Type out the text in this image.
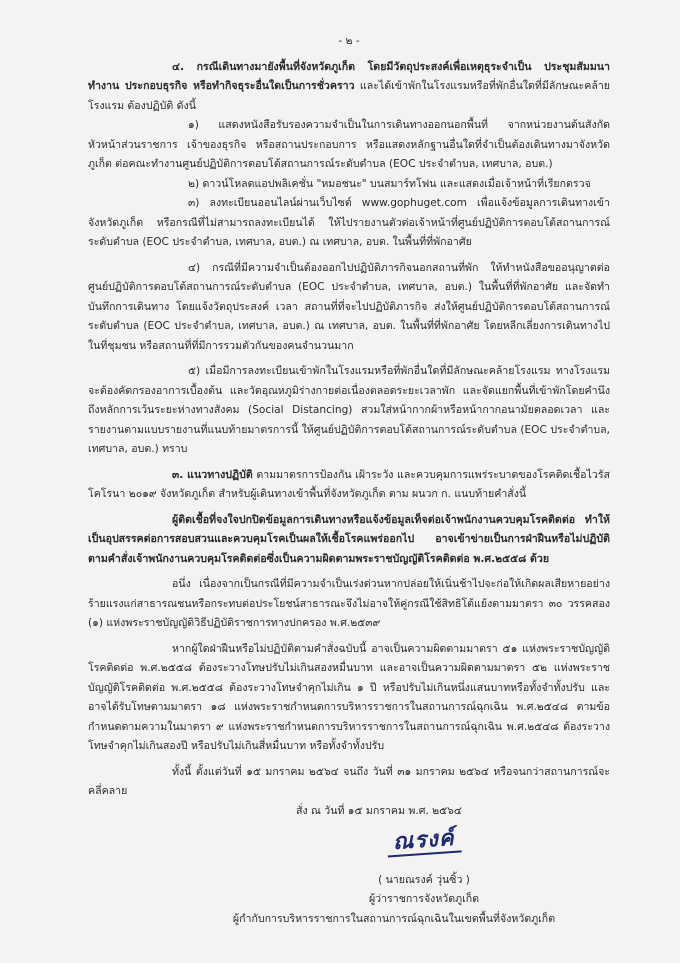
- ๒ -

๔. กรณีเดินทางมายังพื้นที่จังหวัดภูเก็ต โดยมีวัตถุประสงค์เพื่อเหตุธุระจำเป็น ประชุมสัมมนา ทำงาน ประกอบธุรกิจ หรือทำกิจธุระอื่นใดเป็นการชั่วคราว และได้เข้าพักในโรงแรมหรือที่พักอื่นใดที่มีลักษณะคล้ายโรงแรม ต้องปฏิบัติ ดังนี้

๑) แสดงหนังสือรับรองความจำเป็นในการเดินทางออกนอกพื้นที่ จากหน่วยงานต้นสังกัด หัวหน้าส่วนราชการ เจ้าของธุรกิจ หรือสถานประกอบการ หรือแสดงหลักฐานอื่นใดที่จำเป็นต้องเดินทางมาจังหวัดภูเก็ต ต่อคณะทำงานศูนย์ปฏิบัติการตอบโต้สถานการณ์ระดับตำบล (EOC ประจำตำบล, เทศบาล, อบต.)

๒) ดาวน์โหลดแอปพลิเคชั่น "หมอชนะ" บนสมาร์ทโฟน และแสดงเมื่อเจ้าหน้าที่เรียกตรวจ

๓) ลงทะเบียนออนไลน์ผ่านเว็บไซต์ www.gophuget.com เพื่อแจ้งข้อมูลการเดินทางเข้าจังหวัดภูเก็ต หรือกรณีที่ไม่สามารถลงทะเบียนได้ ให้ไปรายงานตัวต่อเจ้าหน้าที่ศูนย์ปฏิบัติการตอบโต้สถานการณ์ระดับตำบล (EOC ประจำตำบล, เทศบาล, อบต.) ณ เทศบาล, อบต. ในพื้นที่ที่พักอาศัย

๔) กรณีที่มีความจำเป็นต้องออกไปปฏิบัติภารกิจนอกสถานที่พัก ให้ทำหนังสือขออนุญาตต่อศูนย์ปฏิบัติการตอบโต้สถานการณ์ระดับตำบล (EOC ประจำตำบล, เทศบาล, อบต.) ในพื้นที่ที่พักอาศัย และจัดทำบันทึกการเดินทาง โดยแจ้งวัตถุประสงค์ เวลา สถานที่ที่จะไปปฏิบัติภารกิจ ส่งให้ศูนย์ปฏิบัติการตอบโต้สถานการณ์ระดับตำบล (EOC ประจำตำบล, เทศบาล, อบต.) ณ เทศบาล, อบต. ในพื้นที่ที่พักอาศัย โดยหลีกเลี่ยงการเดินทางไปในที่ชุมชน หรือสถานที่ที่มีการรวมตัวกันของคนจำนวนมาก

๕) เมื่อมีการลงทะเบียนเข้าพักในโรงแรมหรือที่พักอื่นใดที่มีลักษณะคล้ายโรงแรม ทางโรงแรมจะต้องคัดกรองอาการเบื้องต้น และวัดอุณหภูมิร่างกายต่อเนื่องตลอดระยะเวลาพัก และจัดแยกพื้นที่เข้าพักโดยคำนึงถึงหลักการเว้นระยะห่างทางสังคม (Social Distancing) สวมใส่หน้ากากผ้าหรือหน้ากากอนามัยตลอดเวลา และรายงานตามแบบรายงานที่แนบท้ายมาตรการนี้ ให้ศูนย์ปฏิบัติการตอบโต้สถานการณ์ระดับตำบล (EOC ประจำตำบล, เทศบาล, อบต.) ทราบ

๓. แนวทางปฏิบัติ ตามมาตรการป้องกัน เฝ้าระวัง และควบคุมการแพร่ระบาดของโรคติดเชื้อไวรัสโคโรนา ๒๐๑๙ จังหวัดภูเก็ต สำหรับผู้เดินทางเข้าพื้นที่จังหวัดภูเก็ต ตาม ผนวก ก. แนบท้ายคำสั่งนี้

ผู้ติดเชื้อที่จงใจปกปิดข้อมูลการเดินทางหรือแจ้งข้อมูลเท็จต่อเจ้าพนักงานควบคุมโรคติดต่อ ทำให้เป็นอุปสรรคต่อการสอบสวนและควบคุมโรคเป็นผลให้เชื้อโรคแพร่ออกไป อาจเข้าข่ายเป็นการฝ่าฝืนหรือไม่ปฏิบัติตามคำสั่งเจ้าพนักงานควบคุมโรคติดต่อซึ่งเป็นความผิดตามพระราชบัญญัติโรคติดต่อ พ.ศ.๒๕๕๘ ด้วย

อนึ่ง เนื่องจากเป็นกรณีที่มีความจำเป็นเร่งด่วนหากปล่อยให้เนิ่นช้าไปจะก่อให้เกิดผลเสียหายอย่างร้ายแรงแก่สาธารณชนหรือกระทบต่อประโยชน์สาธารณะจึงไม่อาจให้คู่กรณีใช้สิทธิโต้แย้งตามมาตรา ๓๐ วรรคสอง (๑) แห่งพระราชบัญญัติวิธีปฏิบัติราชการทางปกครอง พ.ศ.๒๕๓๙

หากผู้ใดฝ่าฝืนหรือไม่ปฏิบัติตามคำสั่งฉบับนี้ อาจเป็นความผิดตามมาตรา ๕๑ แห่งพระราชบัญญัติโรคติดต่อ พ.ศ.๒๕๕๘ ต้องระวางโทษปรับไม่เกินสองหมื่นบาท และอาจเป็นความผิดตามมาตรา ๕๒ แห่งพระราชบัญญัติโรคติดต่อ พ.ศ.๒๕๕๘ ต้องระวางโทษจำคุกไม่เกิน ๑ ปี หรือปรับไม่เกินหนึ่งแสนบาทหรือทั้งจำทั้งปรับ และอาจได้รับโทษตามมาตรา ๑๘ แห่งพระราชกำหนดการบริหารราชการในสถานการณ์ฉุกเฉิน พ.ศ.๒๕๔๘ ตามข้อกำหนดตามความในมาตรา ๙ แห่งพระราชกำหนดการบริหารราชการในสถานการณ์ฉุกเฉิน พ.ศ.๒๕๔๘ ต้องระวางโทษจำคุกไม่เกินสองปี หรือปรับไม่เกินสี่หมื่นบาท หรือทั้งจำทั้งปรับ

ทั้งนี้ ตั้งแต่วันที่ ๑๕ มกราคม ๒๕๖๔ จนถึง วันที่ ๓๑ มกราคม ๒๕๖๔ หรือจนกว่าสถานการณ์จะคลี่คลาย

สั่ง ณ วันที่ ๑๕ มกราคม พ.ศ. ๒๕๖๔

ณรงค์
( นายณรงค์ วุ่นซิ้ว )
ผู้ว่าราชการจังหวัดภูเก็ต
ผู้กำกับการบริหารราชการในสถานการณ์ฉุกเฉินในเขตพื้นที่จังหวัดภูเก็ต
